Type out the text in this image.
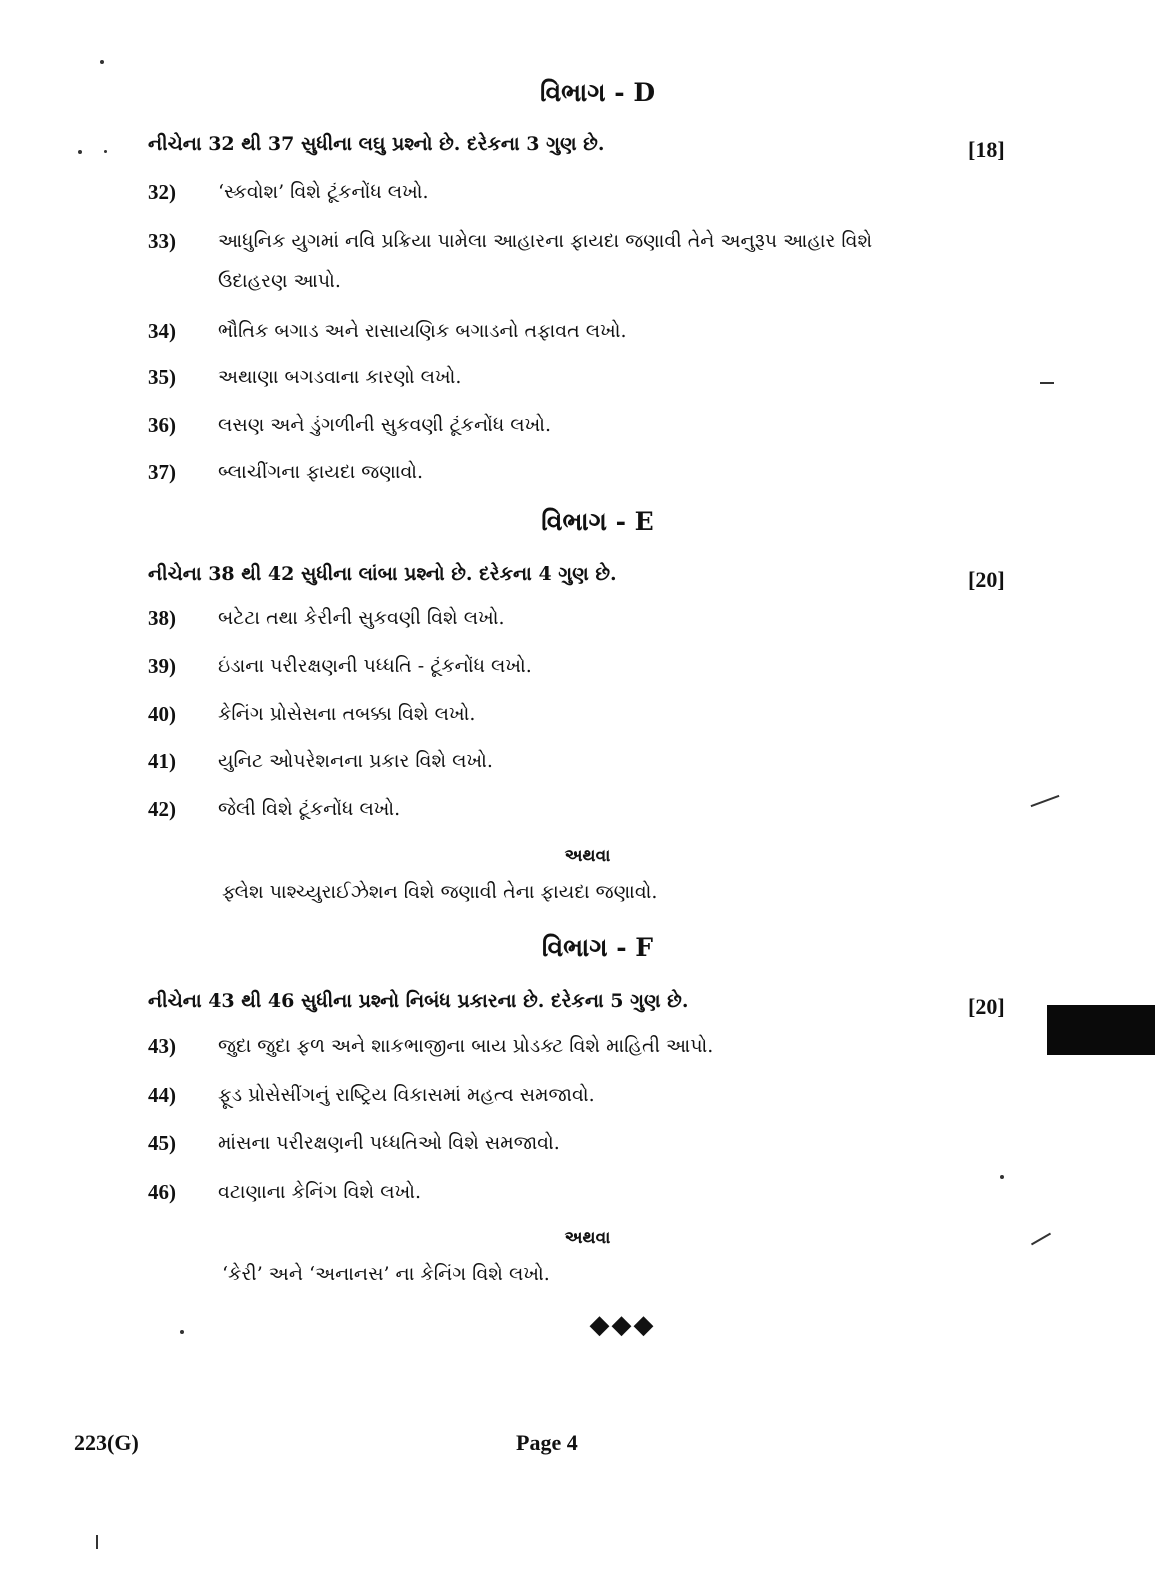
વિભાગ - D
નીચેના 32 થી 37 સુધીના લઘુ પ્રશ્નો છે. દરેકના 3 ગુણ છે.	[18]
32) ‘સ્કવોશ’ વિશે ટૂંકનોંધ લખો.
33) આધુનિક યુગમાં નવિ પ્રક્રિયા પામેલા આહારના ફાયદા જણાવી તેને અનુરૂપ આહાર વિશે ઉદાહરણ આપો.
34) ભૌતિક બગાડ અને રાસાયણિક બગાડનો તફાવત લખો.
35) અથાણા બગડવાના કારણો લખો.
36) લસણ અને ડુંગળીની સુકવણી ટૂંકનોંધ લખો.
37) બ્લાચીંગના ફાયદા જણાવો.
વિભાગ - E
નીચેના 38 થી 42 સુધીના લાંબા પ્રશ્નો છે. દરેકના 4 ગુણ છે.	[20]
38) બટેટા તથા કેરીની સુકવણી વિશે લખો.
39) ઇંડાના પરીરક્ષણની પધ્ધતિ - ટૂંકનોંધ લખો.
40) કેનિંગ પ્રોસેસના તબક્કા વિશે લખો.
41) યુનિટ ઓપરેશનના પ્રકાર વિશે લખો.
42) જેલી વિશે ટૂંકનોંધ લખો.
અથવા
ફ્લેશ પાશ્ચ્યુરાઈઝેશન વિશે જણાવી તેના ફાયદા જણાવો.
વિભાગ - F
નીચેના 43 થી 46 સુધીના પ્રશ્નો નિબંધ પ્રકારના છે. દરેકના 5 ગુણ છે.	[20]
43) જુદા જુદા ફળ અને શાકભાજીના બાય પ્રોડક્ટ વિશે માહિતી આપો.
44) ફૂડ પ્રોસેસીંગનું રાષ્ટ્રિય વિકાસમાં મહત્વ સમજાવો.
45) માંસના પરીરક્ષણની પધ્ધતિઓ વિશે સમજાવો.
46) વટાણાના કેનિંગ વિશે લખો.
અથવા
‘કેરી’ અને ‘અનાનસ’ ના કેનિંગ વિશે લખો.
◆◆◆
223(G)	Page 4
